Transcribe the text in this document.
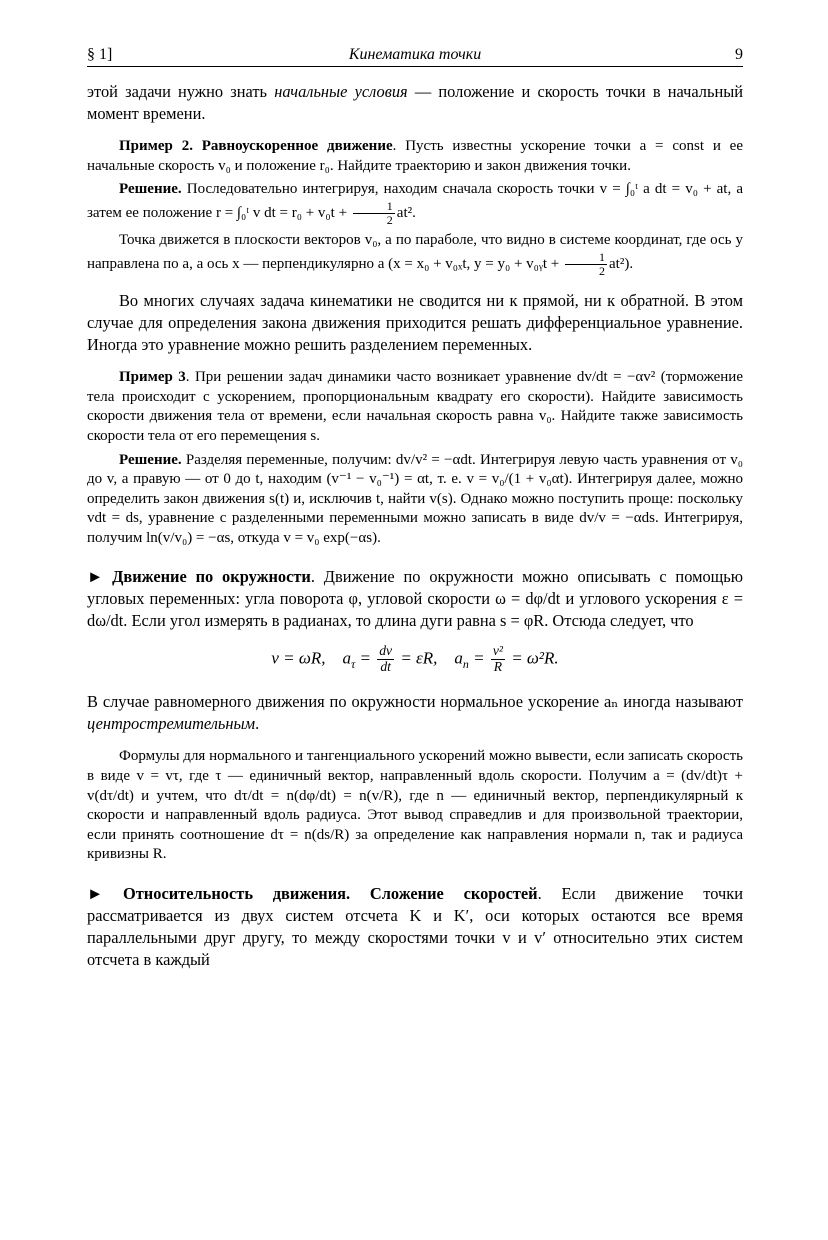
§ 1]	Кинематика точки	9

этой задачи нужно знать начальные условия — положение и скорость точки в начальный момент времени.

Пример 2. Равноускоренное движение. Пусть известны ускорение точки a = const и ее начальные скорость v₀ и положение r₀. Найдите траекторию и закон движения точки.

Решение. Последовательно интегрируя, находим сначала скорость точки v = ∫₀ᵗ a dt = v₀ + at, а затем ее положение r = ∫₀ᵗ v dt = $r_0 + v_0t + \frac{1}{2} at^2$.

Точка движется в плоскости векторов v₀, a по параболе, что видно в системе координат, где ось y направлена по a, а ось x — перпендикулярно a (x = x₀ + v₀ₓt, y = y₀ + v₀ᵧt + $\frac{1}{2} at^2$).

Во многих случаях задача кинематики не сводится ни к прямой, ни к обратной. В этом случае для определения закона движения приходится решать дифференциальное уравнение. Иногда это уравнение можно решить разделением переменных.

Пример 3. При решении задач динамики часто возникает уравнение dv/dt = −αv² (торможение тела происходит с ускорением, пропорциональным квадрату его скорости). Найдите зависимость скорости движения тела от времени, если начальная скорость равна v₀. Найдите также зависимость скорости тела от его перемещения s.

Решение. Разделяя переменные, получим: dv/v² = −αdt. Интегрируя левую часть уравнения от v₀ до v, а правую — от 0 до t, находим (v⁻¹ − v₀⁻¹) = αt, т. е. v = v₀/(1 + v₀αt). Интегрируя далее, можно определить закон движения s(t) и, исключив t, найти v(s). Однако можно поступить проще: поскольку vdt = ds, уравнение с разделенными переменными можно записать в виде dv/v = −αds. Интегрируя, получим ln(v/v₀) = −αs, откуда v = v₀ exp(−αs).

► Движение по окружности. Движение по окружности можно описывать с помощью угловых переменных: угла поворота φ, угловой скорости ω = dφ/dt и углового ускорения ε = dω/dt. Если угол измерять в радианах, то длина дуги равна s = φR. Отсюда следует, что

v = ωR, $a_\tau = \frac{dv}{dt} = \varepsilon R$, $a_n = \frac{\text{v²}}{R} = \omega^2R$.

В случае равномерного движения по окружности нормальное ускорение aₙ иногда называют центростремительным.

Формулы для нормального и тангенциального ускорений можно вывести, если записать скорость в виде v = vτ, где τ — единичный вектор, направленный вдоль скорости. Получим a = (dv/dt)τ + v(dτ/dt) и учтем, что dτ/dt = n(dφ/dt) = n(v/R), где n — единичный вектор, перпендикулярный к скорости и направленный вдоль радиуса. Этот вывод справедлив и для произвольной траектории, если принять соотношение dτ = n(ds/R) за определение как направления нормали n, так и радиуса кривизны R.

► Относительность движения. Сложение скоростей. Если движение точки рассматривается из двух систем отсчета K и K′, оси которых остаются все время параллельными друг другу, то между скоростями точки v и v′ относительно этих систем отсчета в каждый
